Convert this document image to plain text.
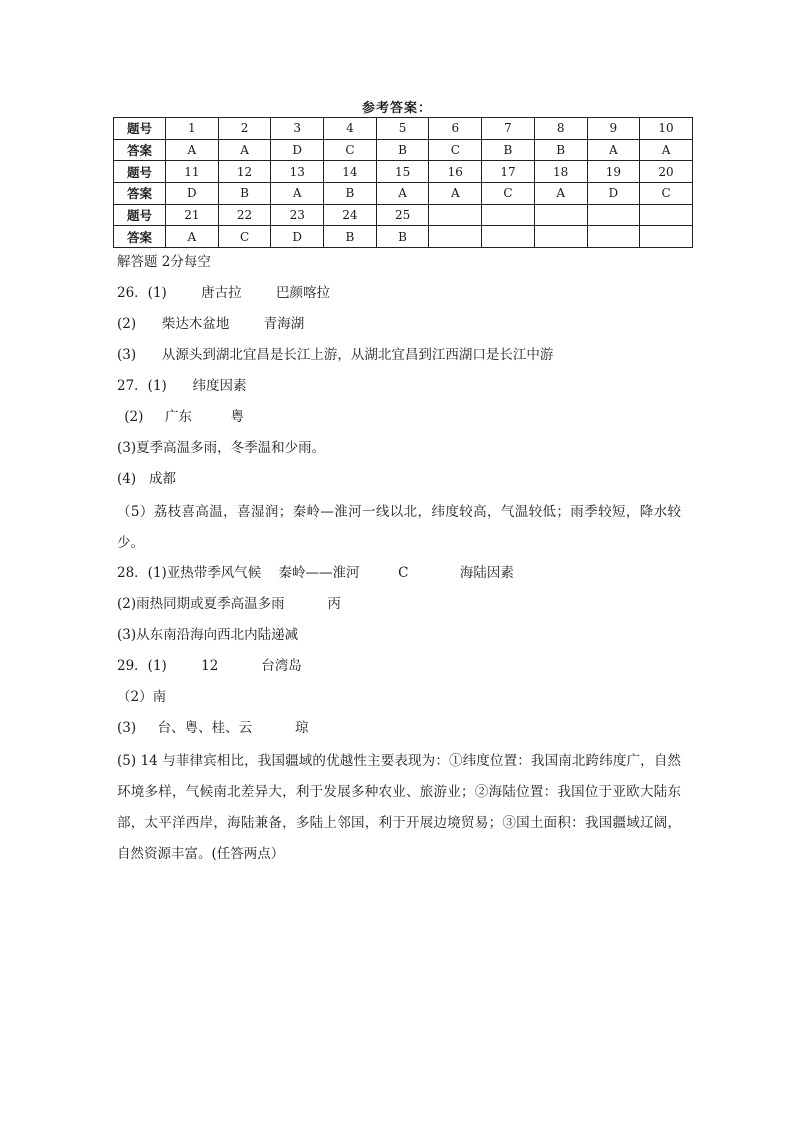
参考答案：
题号	1	2	3	4	5	6	7	8	9	10
答案	A	A	D	C	B	C	B	B	A	A
题号	11	12	13	14	15	16	17	18	19	20
答案	D	B	A	B	A	A	C	A	D	C
题号	21	22	23	24	25					
答案	A	C	D	B	B					
解答题 2分每空
26．(1)        唐古拉        巴颜喀拉
(2)      柴达木盆地        青海湖
(3)      从源头到湖北宜昌是长江上游，从湖北宜昌到江西湖口是长江中游
27．(1)      纬度因素
(2)     广东         粤
(3)夏季高温多雨，冬季温和少雨。
(4)   成都
（5）荔枝喜高温，喜湿润；秦岭—淮河一线以北，纬度较高，气温较低；雨季较短，降水较少。
28．(1)亚热带季风气候    秦岭——淮河         C            海陆因素
(2)雨热同期或夏季高温多雨          丙
(3)从东南沿海向西北内陆递减
29．(1)        12          台湾岛
（2）南
(3)     台、粤、桂、云          琼
(5) 14 与菲律宾相比，我国疆域的优越性主要表现为：①纬度位置：我国南北跨纬度广，自然环境多样，气候南北差异大，利于发展多种农业、旅游业；②海陆位置：我国位于亚欧大陆东部，太平洋西岸，海陆兼备，多陆上邻国，利于开展边境贸易；③国土面积：我国疆域辽阔，自然资源丰富。(任答两点）
